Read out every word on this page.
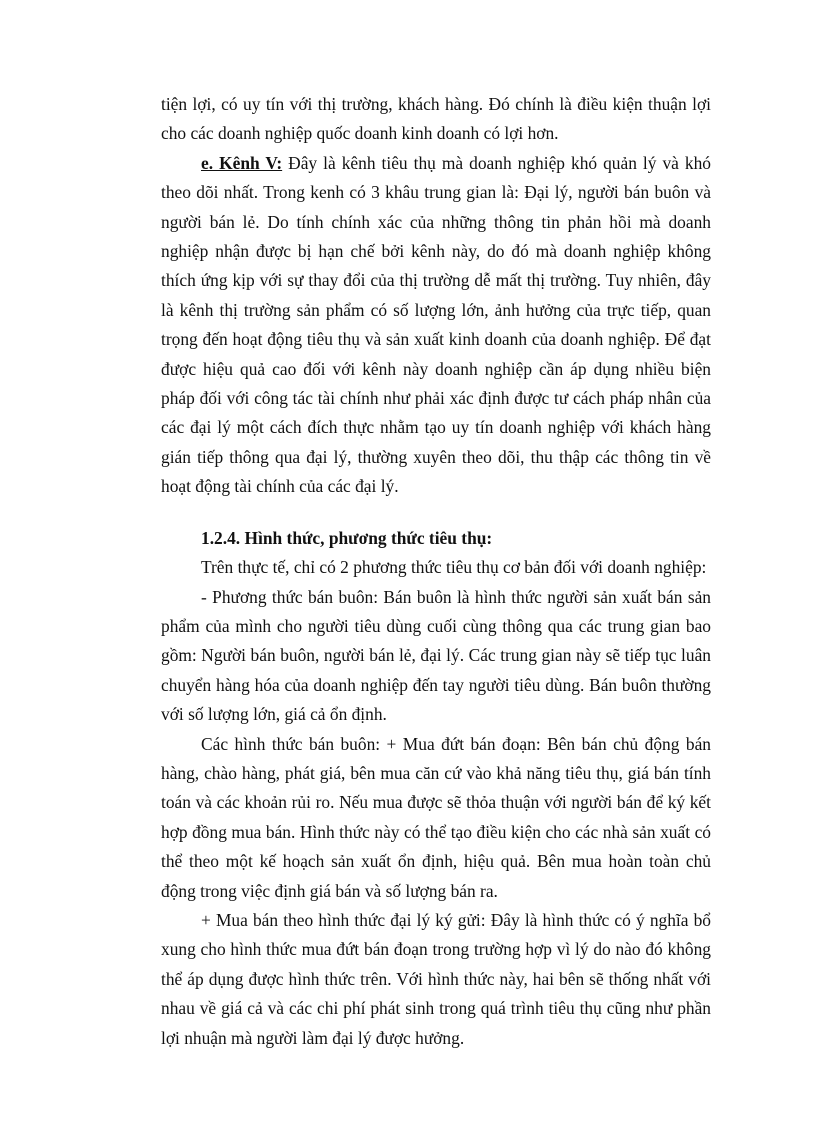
tiện lợi, có uy tín với thị trường, khách hàng. Đó chính là điều kiện thuận lợi cho các doanh nghiệp quốc doanh kinh doanh có lợi hơn.

e. Kênh V: Đây là kênh tiêu thụ mà doanh nghiệp khó quản lý và khó theo dõi nhất. Trong kenh có 3 khâu trung gian là: Đại lý, người bán buôn và người bán lẻ. Do tính chính xác của những thông tin phản hồi mà doanh nghiệp nhận được bị hạn chế bởi kênh này, do đó mà doanh nghiệp không thích ứng kịp với sự thay đổi của thị trường dễ mất thị trường. Tuy nhiên, đây là kênh thị trường sản phẩm có số lượng lớn, ảnh hưởng của trực tiếp, quan trọng đến hoạt động tiêu thụ và sản xuất kinh doanh của doanh nghiệp. Để đạt được hiệu quả cao đối với kênh này doanh nghiệp cần áp dụng nhiều biện pháp đối với công tác tài chính như phải xác định được tư cách pháp nhân của các đại lý một cách đích thực nhằm tạo uy tín doanh nghiệp với khách hàng gián tiếp thông qua đại lý, thường xuyên theo dõi, thu thập các thông tin về hoạt động tài chính của các đại lý.

1.2.4. Hình thức, phương thức tiêu thụ:

Trên thực tế, chỉ có 2 phương thức tiêu thụ cơ bản đối với doanh nghiệp:

- Phương thức bán buôn: Bán buôn là hình thức người sản xuất bán sản phẩm của mình cho người tiêu dùng cuối cùng thông qua các trung gian bao gồm: Người bán buôn, người bán lẻ, đại lý. Các trung gian này sẽ tiếp tục luân chuyển hàng hóa của doanh nghiệp đến tay người tiêu dùng. Bán buôn thường với số lượng lớn, giá cả ổn định.

Các hình thức bán buôn: + Mua đứt bán đoạn: Bên bán chủ động bán hàng, chào hàng, phát giá, bên mua căn cứ vào khả năng tiêu thụ, giá bán tính toán và các khoản rủi ro. Nếu mua được sẽ thỏa thuận với người bán để ký kết hợp đồng mua bán. Hình thức này có thể tạo điều kiện cho các nhà sản xuất có thể theo một kế hoạch sản xuất ổn định, hiệu quả. Bên mua hoàn toàn chủ động trong việc định giá bán và số lượng bán ra.

+ Mua bán theo hình thức đại lý ký gửi: Đây là hình thức có ý nghĩa bổ xung cho hình thức mua đứt bán đoạn trong trường hợp vì lý do nào đó không thể áp dụng được hình thức trên. Với hình thức này, hai bên sẽ thống nhất với nhau về giá cả và các chi phí phát sinh trong quá trình tiêu thụ cũng như phần lợi nhuận mà người làm đại lý được hưởng.
